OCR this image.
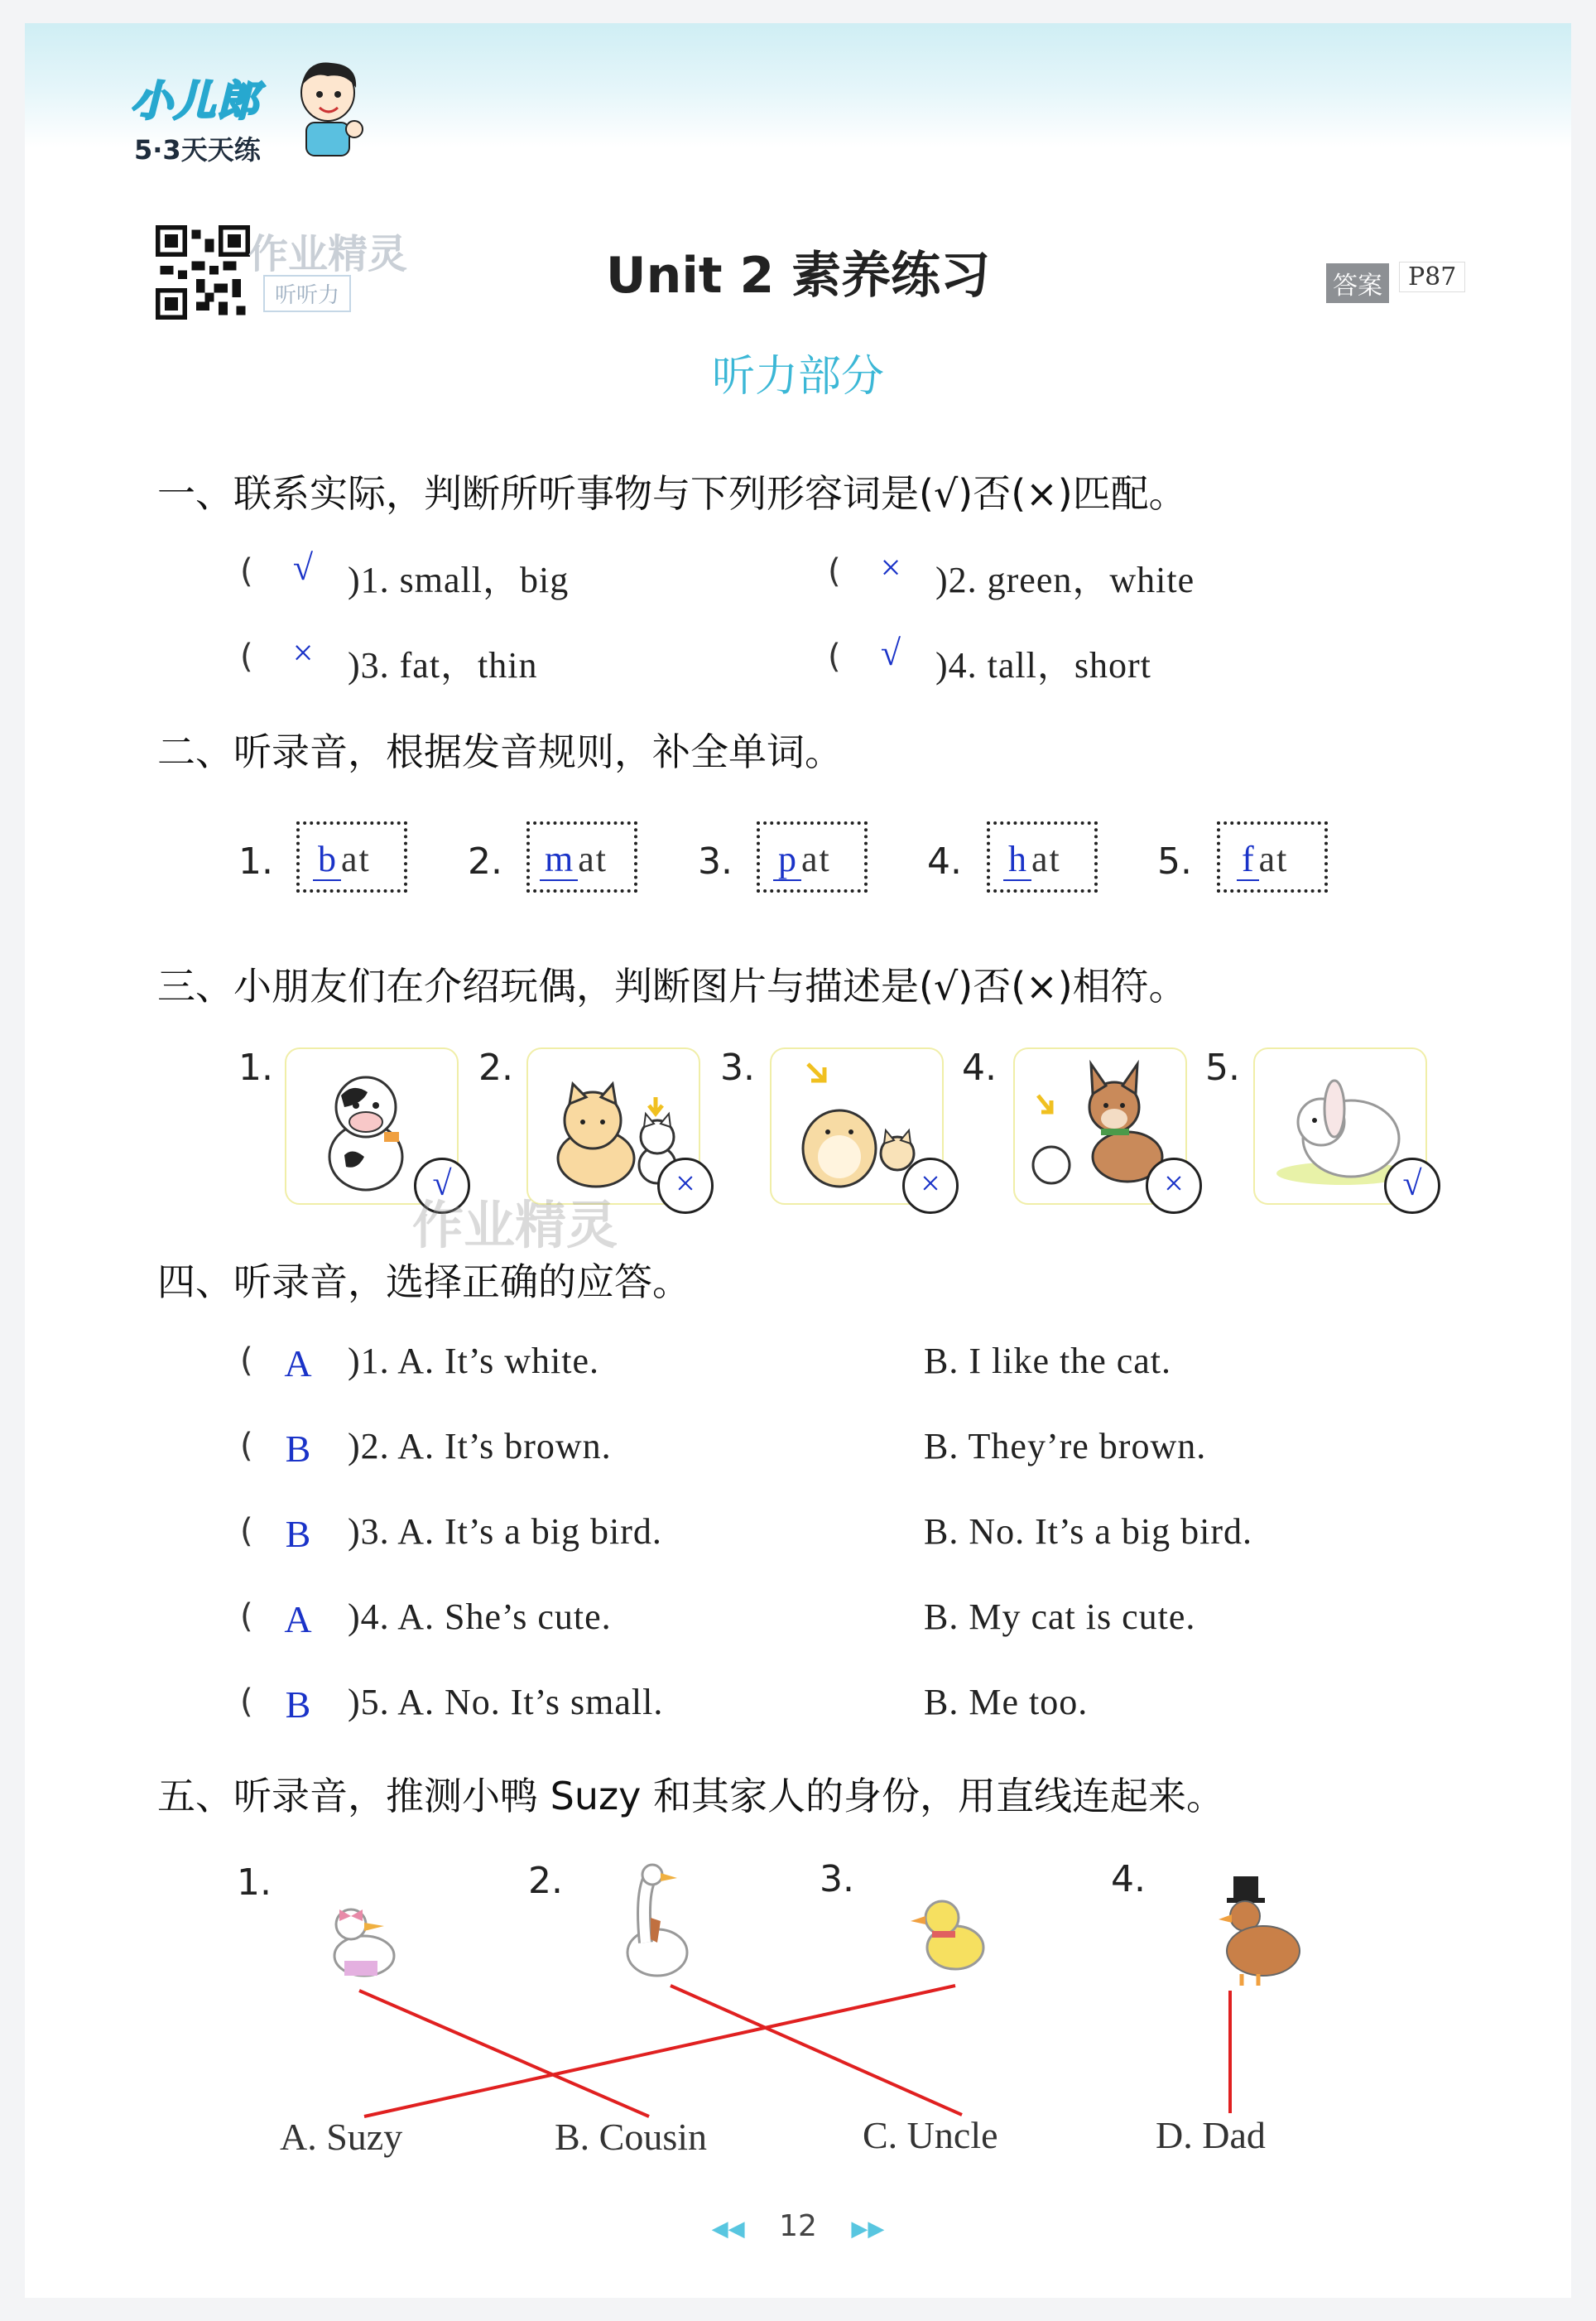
小儿郎
5·3天天练
作业精灵
听听力	Unit 2 素养练习
听力部分
答案	P87
一、联系实际，判断所听事物与下列形容词是(√)否(×)匹配。
(	√ )1. small，big	(	× )2. green，white
(	× )3. fat，thin	(	√ )4. tall，short
二、听录音，根据发音规则，补全单词。
1. b at	2. m at 3. p at	4. h at	5. f at
三、小朋友们在介绍玩偶，判断图片与描述是(√)否(×)相符。
1.
√
2.
×
3.
×
4.
×
5.
√
作业精灵
四、听录音，选择正确的应答。
( A )1. A. It’s white.	B. I like the cat.
( B	)2. A. It’s brown.	B. They’re brown.
( B	)3. A. It’s a big bird.	B. No. It’s a big bird.
( A )4. A. She’s cute.	B. My cat is cute.
( B	)5. A. No. It’s small.	B. Me too.
五、听录音，推测小鸭 Suzy 和其家人的身份，用直线连起来。
1.	2.	3.	4.
A. Suzy	B. Cousin	C. Uncle	D. Dad
◀◀ 12 ▶▶
